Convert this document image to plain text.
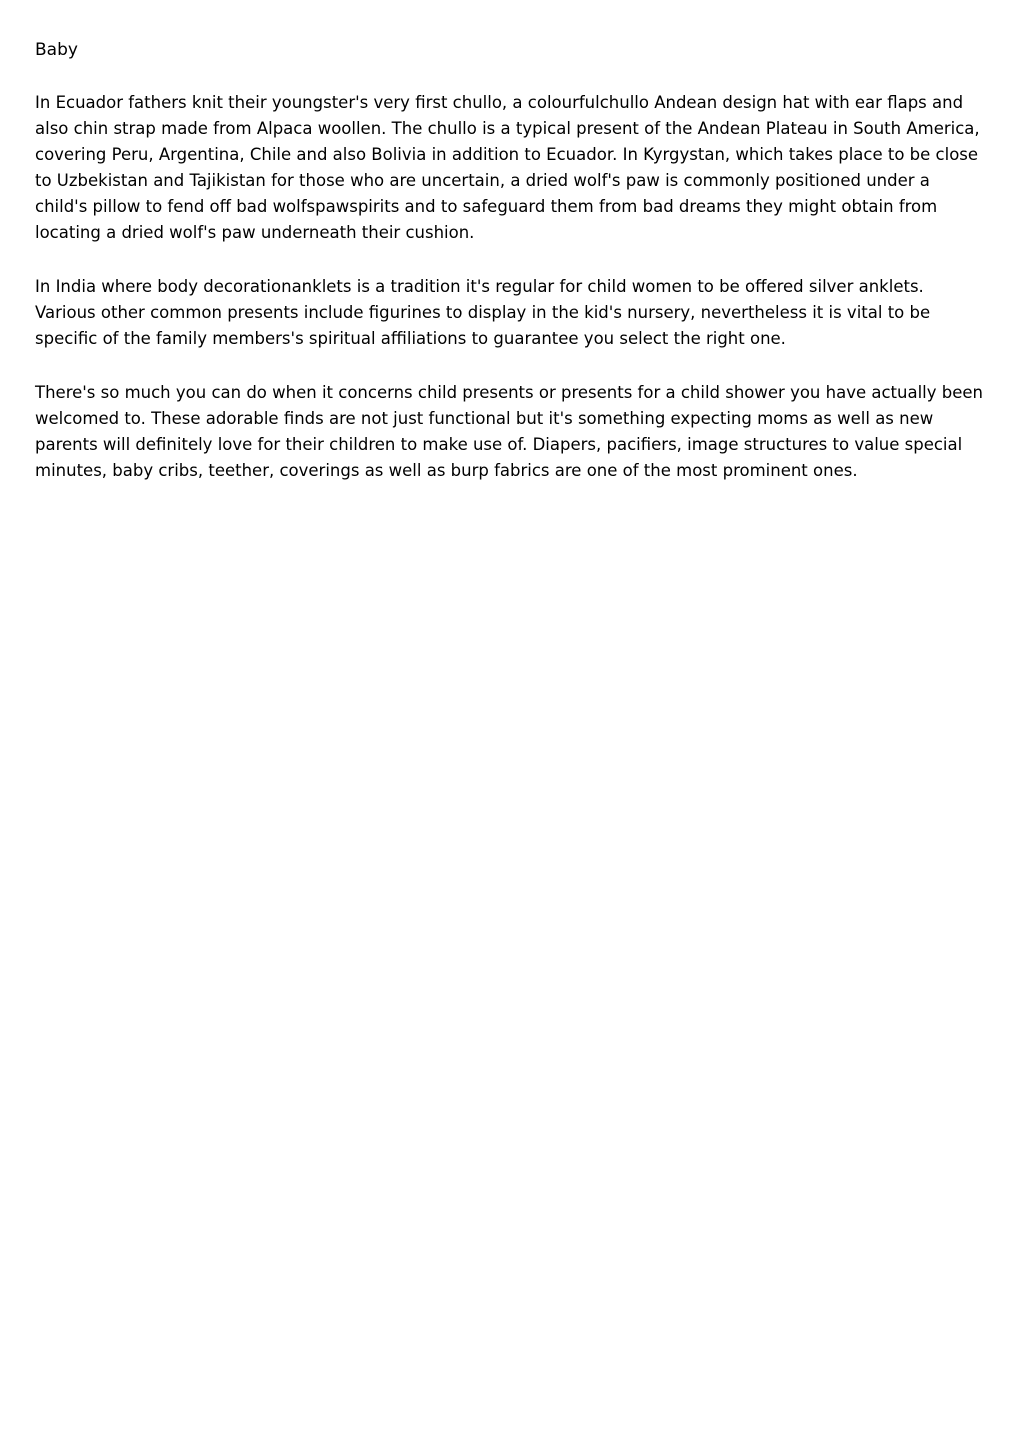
Baby

In Ecuador fathers knit their youngster's very first chullo, a colourfulchullo Andean design hat with ear flaps and
also chin strap made from Alpaca woollen. The chullo is a typical present of the Andean Plateau in South America,
covering Peru, Argentina, Chile and also Bolivia in addition to Ecuador. In Kyrgystan, which takes place to be close
to Uzbekistan and Tajikistan for those who are uncertain, a dried wolf's paw is commonly positioned under a
child's pillow to fend off bad wolfspawspirits and to safeguard them from bad dreams they might obtain from
locating a dried wolf's paw underneath their cushion.

In India where body decorationanklets is a tradition it's regular for child women to be offered silver anklets.
Various other common presents include figurines to display in the kid's nursery, nevertheless it is vital to be
specific of the family members's spiritual affiliations to guarantee you select the right one.

There's so much you can do when it concerns child presents or presents for a child shower you have actually been
welcomed to. These adorable finds are not just functional but it's something expecting moms as well as new
parents will definitely love for their children to make use of. Diapers, pacifiers, image structures to value special
minutes, baby cribs, teether, coverings as well as burp fabrics are one of the most prominent ones.
